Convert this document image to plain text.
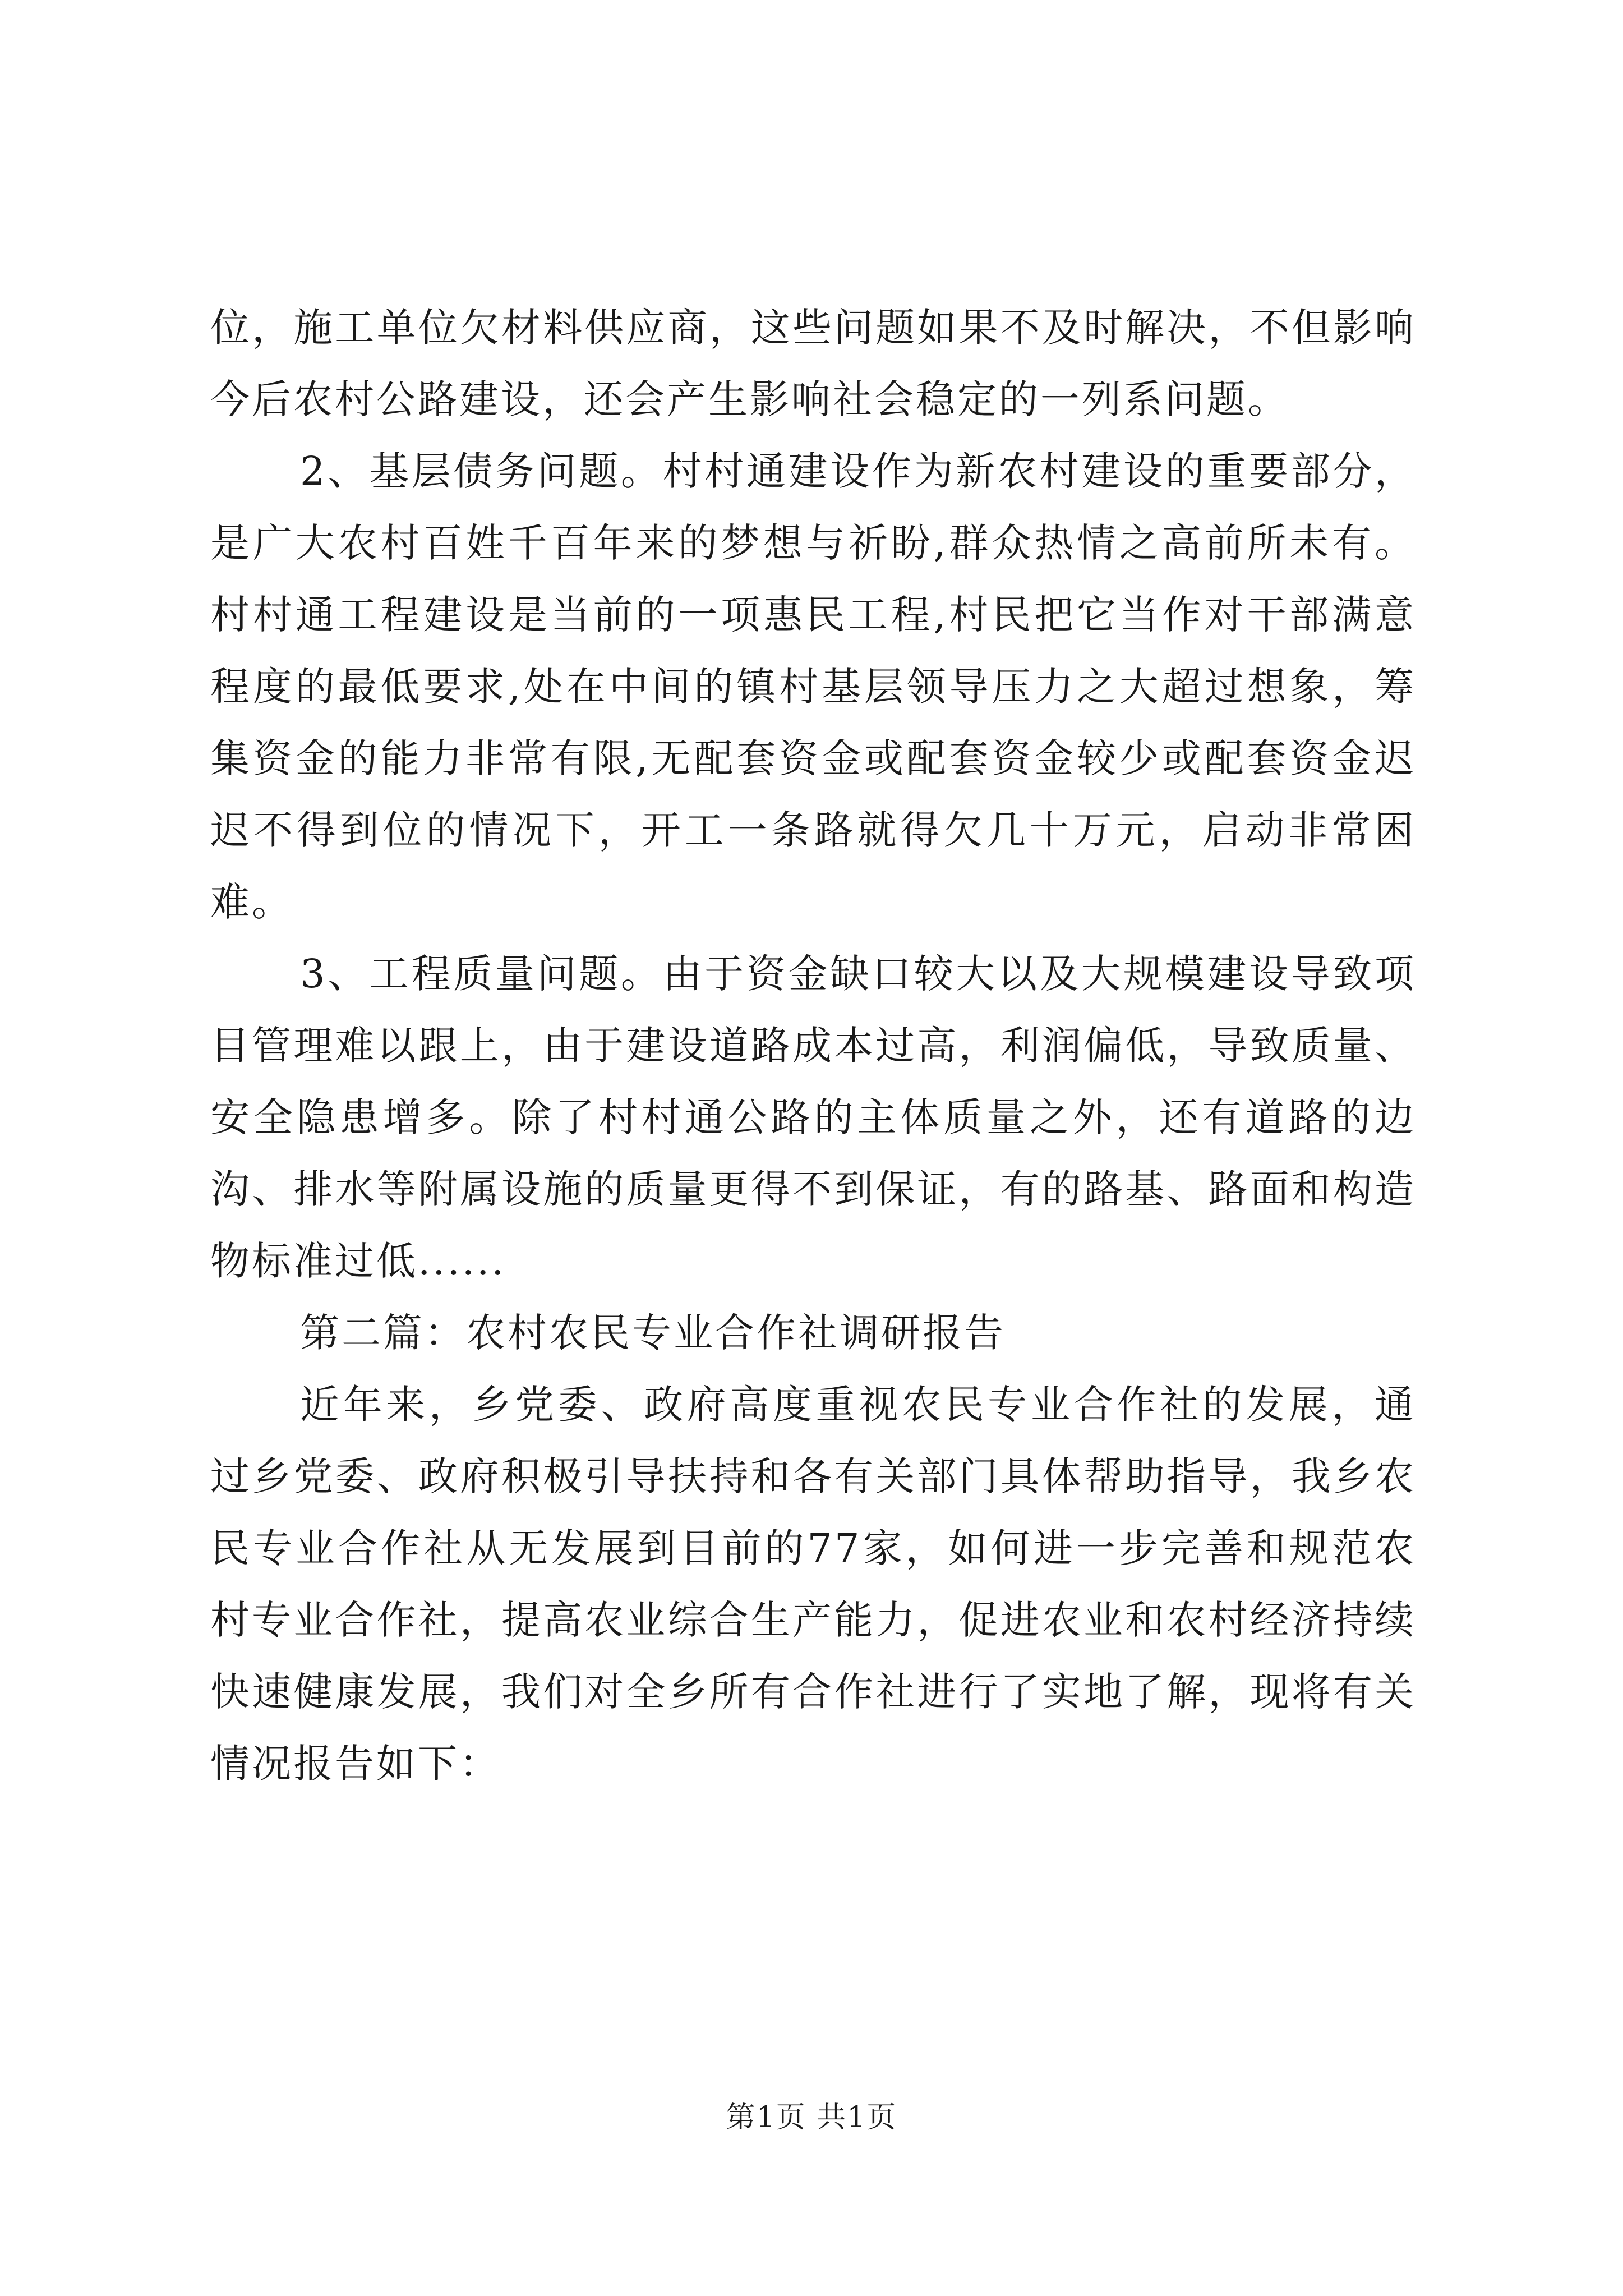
位，施工单位欠材料供应商，这些问题如果不及时解决，不但影响今后农村公路建设，还会产生影响社会稳定的一列系问题。

2、基层债务问题。村村通建设作为新农村建设的重要部分，是广大农村百姓千百年来的梦想与祈盼,群众热情之高前所未有。村村通工程建设是当前的一项惠民工程,村民把它当作对干部满意程度的最低要求,处在中间的镇村基层领导压力之大超过想象，筹集资金的能力非常有限,无配套资金或配套资金较少或配套资金迟迟不得到位的情况下，开工一条路就得欠几十万元，启动非常困难。

3、工程质量问题。由于资金缺口较大以及大规模建设导致项目管理难以跟上，由于建设道路成本过高，利润偏低，导致质量、安全隐患增多。除了村村通公路的主体质量之外，还有道路的边沟、排水等附属设施的质量更得不到保证，有的路基、路面和构造物标准过低......

第二篇：农村农民专业合作社调研报告

近年来，乡党委、政府高度重视农民专业合作社的发展，通过乡党委、政府积极引导扶持和各有关部门具体帮助指导，我乡农民专业合作社从无发展到目前的77家，如何进一步完善和规范农村专业合作社，提高农业综合生产能力，促进农业和农村经济持续快速健康发展，我们对全乡所有合作社进行了实地了解，现将有关情况报告如下：

第1页 共1页
